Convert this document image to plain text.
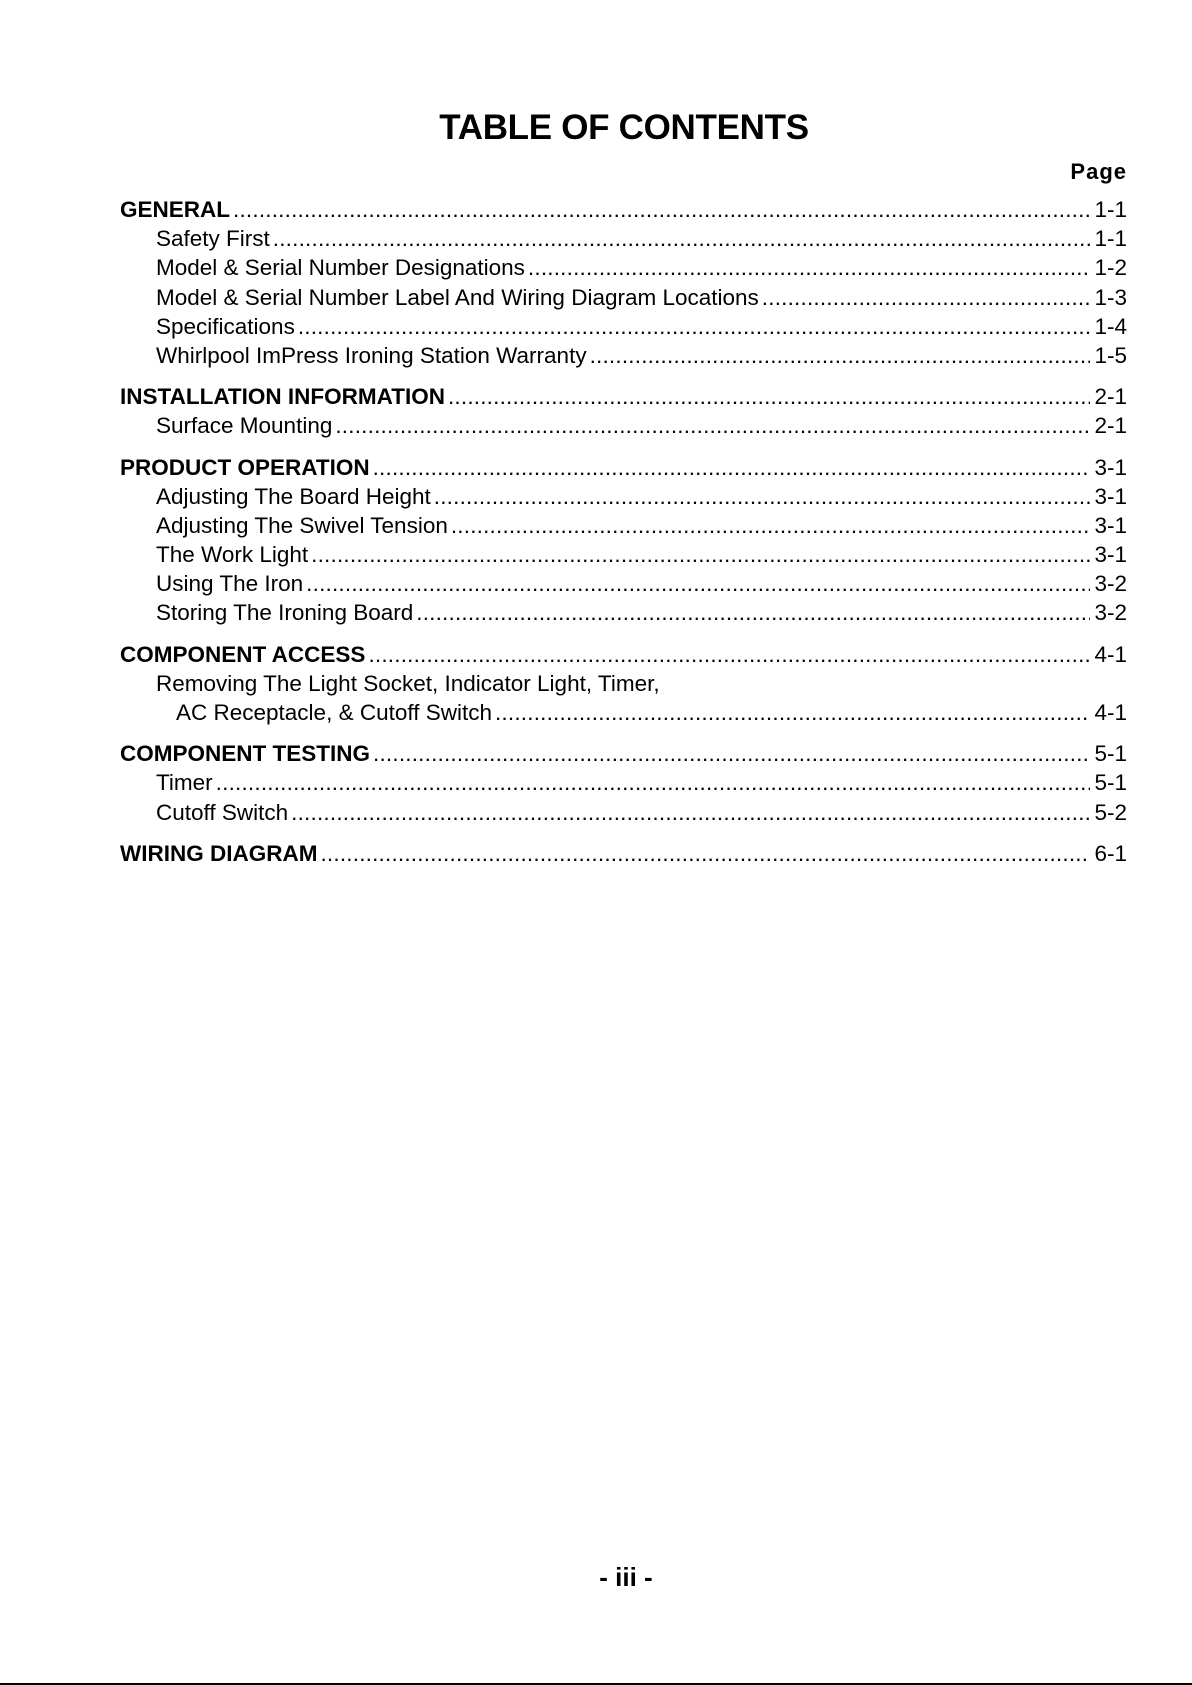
TABLE OF CONTENTS
Page
GENERAL .....	1-1
Safety First .....	1-1
Model & Serial Number Designations .....	1-2
Model & Serial Number Label And Wiring Diagram Locations .....	1-3
Specifications .....	1-4
Whirlpool ImPress Ironing Station Warranty .....	1-5
INSTALLATION INFORMATION .....	2-1
Surface Mounting .....	2-1
PRODUCT OPERATION .....	3-1
Adjusting The Board Height .....	3-1
Adjusting The Swivel Tension .....	3-1
The Work Light .....	3-1
Using The Iron .....	3-2
Storing The Ironing Board .....	3-2
COMPONENT ACCESS .....	4-1
Removing The Light Socket, Indicator Light, Timer,
AC Receptacle, & Cutoff Switch .....	4-1
COMPONENT TESTING .....	5-1
Timer .....	5-1
Cutoff Switch .....	5-2
WIRING DIAGRAM .....	6-1
- iii -
